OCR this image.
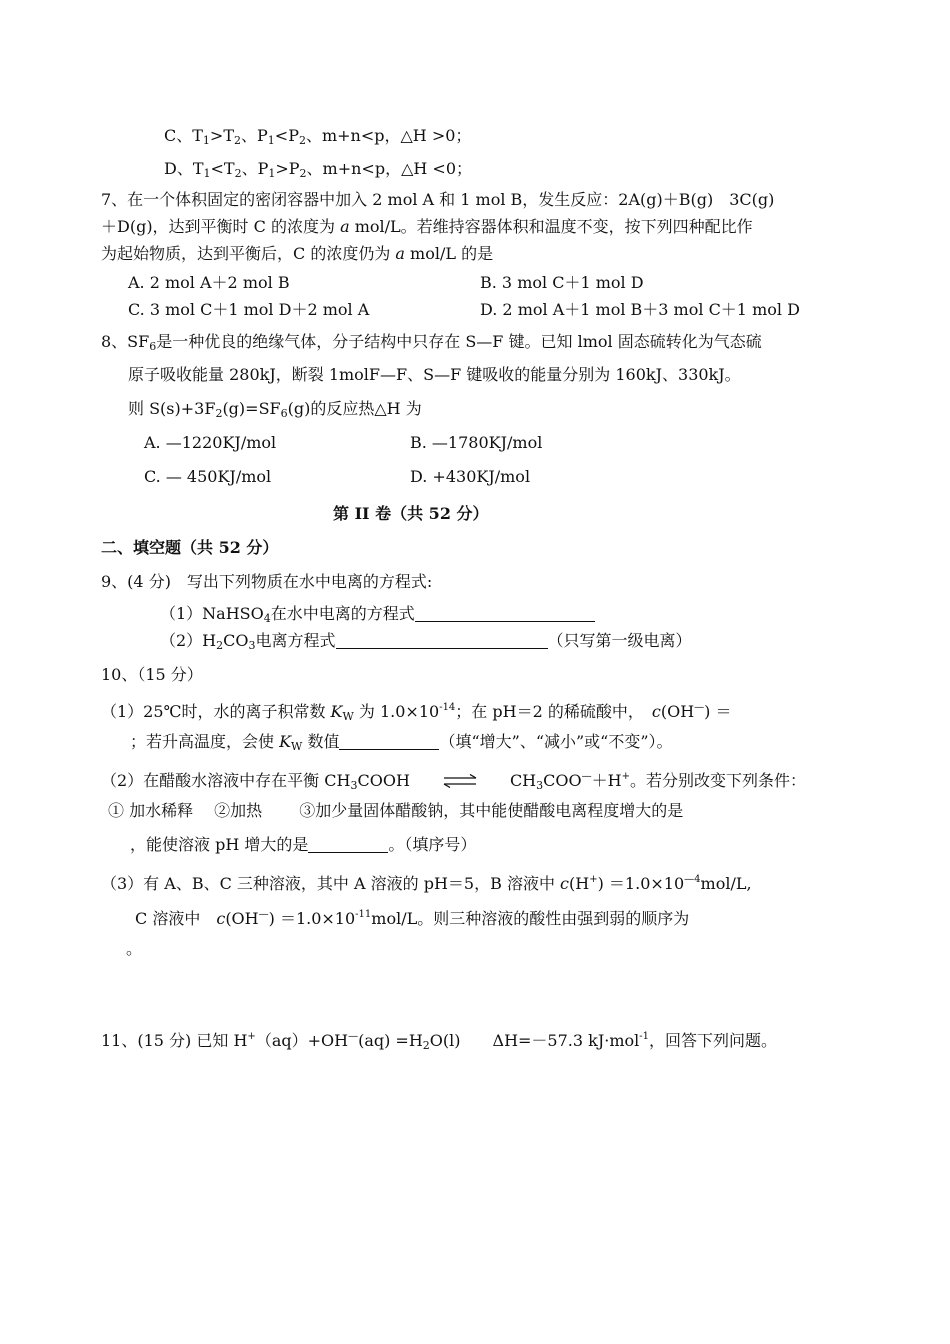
C、$T_1>T_2$、$P_1<P_2$、m+n<p，△H >0；
D、$T_1<T_2$、$P_1>P_2$、m+n<p，△H <0；
7、在一个体积固定的密闭容器中加入 2 mol A 和 1 mol B，发生反应：2A(g)＋B(g)　3C(g)
＋D(g)，达到平衡时 C 的浓度为 a mol/L。若维持容器体积和温度不变，按下列四种配比作
为起始物质，达到平衡后，C 的浓度仍为 a mol/L 的是
A. 2 mol A＋2 mol B	B. 3 mol C＋1 mol D
C. 3 mol C＋1 mol D＋2 mol A	D. 2 mol A＋1 mol B＋3 mol C＋1 mol D
8、$SF_6$是一种优良的绝缘气体，分子结构中只存在 S—F 键。已知 lmol 固态硫转化为气态硫
原子吸收能量 280kJ，断裂 1molF—F、S—F 键吸收的能量分别为 160kJ、330kJ。
则 $S(s)+3F_2(g)=SF_6(g)$的反应热△H 为
A. —1220KJ/mol	B. —1780KJ/mol
C. — 450KJ/mol	D. +430KJ/mol
第 II 卷（共 52 分）
二、填空题（共 52 分）
9、(4 分)　写出下列物质在水中电离的方程式:
（1）NaHSO$_4$在水中电离的方程式
$(2)H_2CO_3$电离方程式	（只写第一级电离）
10、（15 分）
（1）25℃时，水的离子积常数 $K_W$ 为 $1.0\times 10^{-14}$；在 pH＝2 的稀硫酸中，　 c(OH—) ＝
；若升高温度，会使 $K_W$ 数值	（填“增大”、“减小”或“不变”）。
（2）在醋酸水溶液中存在平衡 $CH_3COOH$　　
　　	$CH_3COO^—+H^+$。若分别改变下列条件：
① 加水稀释　 ②加热　　 ③加少量固体醋酸钠，其中能使醋酸电离程度增大的是
，能使溶液 pH 增大的是	。（填序号）
（3）有 A、B、C 三种溶液，其中 A 溶液的 pH＝5，B 溶液中 $c(H^+) =1.0\times 10^{—4}mol/L$,
C 溶液中　$c(OH^—) =1.0\times 10^{-11}mol/L$。则三种溶液的酸性由强到弱的顺序为
。
11、(15 分) 已知 $H^+(aq)+OH^—(aq) =H_2O(l)$　　ΔH=－57.3 kJ·mol$^{-1}$，回答下列问题。
